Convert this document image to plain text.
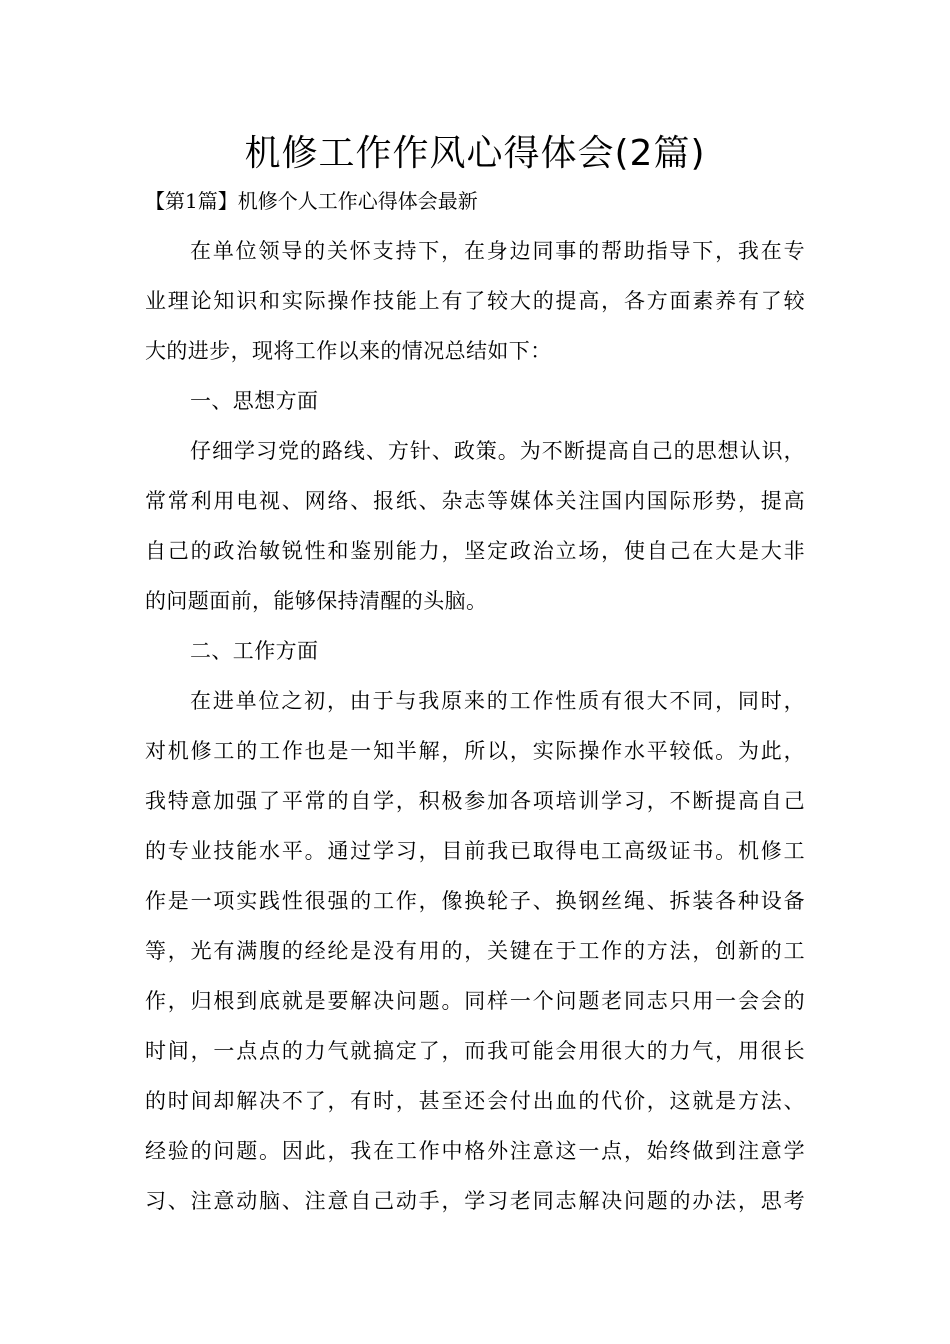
机修工作作风心得体会(2篇)
【第1篇】机修个人工作心得体会最新

在单位领导的关怀支持下，在身边同事的帮助指导下，我在专

业理论知识和实际操作技能上有了较大的提高，各方面素养有了较

大的进步，现将工作以来的情况总结如下：

一、思想方面

仔细学习党的路线、方针、政策。为不断提高自己的思想认识，

常常利用电视、网络、报纸、杂志等媒体关注国内国际形势，提高

自己的政治敏锐性和鉴别能力，坚定政治立场，使自己在大是大非

的问题面前，能够保持清醒的头脑。

二、工作方面

在进单位之初，由于与我原来的工作性质有很大不同，同时，

对机修工的工作也是一知半解，所以，实际操作水平较低。为此，

我特意加强了平常的自学，积极参加各项培训学习，不断提高自己

的专业技能水平。通过学习，目前我已取得电工高级证书。机修工

作是一项实践性很强的工作，像换轮子、换钢丝绳、拆装各种设备

等，光有满腹的经纶是没有用的，关键在于工作的方法，创新的工

作，归根到底就是要解决问题。同样一个问题老同志只用一会会的

时间，一点点的力气就搞定了，而我可能会用很大的力气，用很长

的时间却解决不了，有时，甚至还会付出血的代价，这就是方法、

经验的问题。因此，我在工作中格外注意这一点，始终做到注意学

习、注意动脑、注意自己动手，学习老同志解决问题的办法，思考
